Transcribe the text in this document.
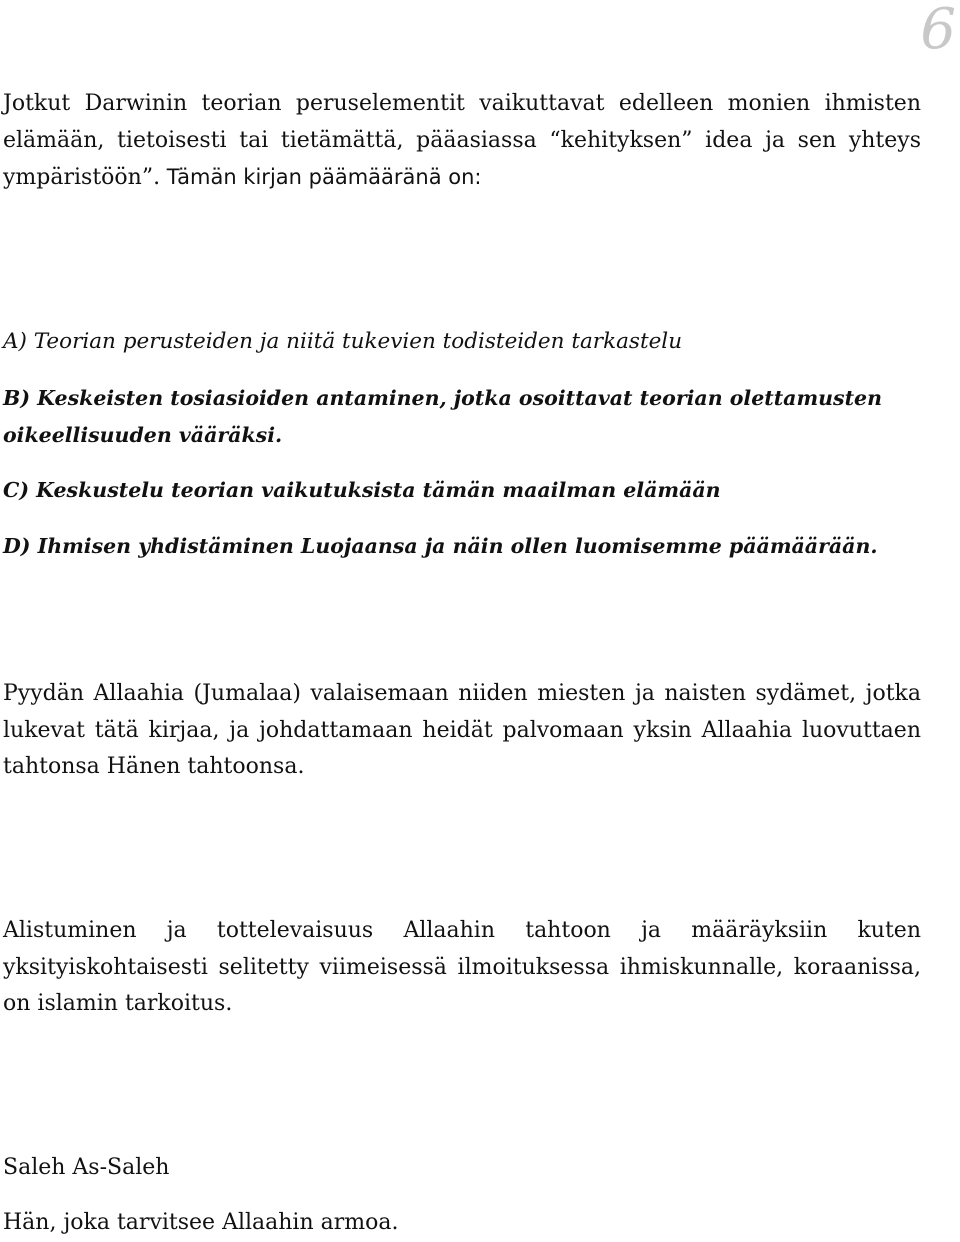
6

Jotkut Darwinin teorian peruselementit vaikuttavat edelleen monien ihmisten elämään, tietoisesti tai tietämättä, pääasiassa “kehityksen” idea ja sen yhteys ympäristöön”. Tämän kirjan päämääränä on:

A) Teorian perusteiden ja niitä tukevien todisteiden tarkastelu

B) Keskeisten tosiasioiden antaminen, jotka osoittavat teorian olettamusten oikeellisuuden vääräksi.

C) Keskustelu teorian vaikutuksista tämän maailman elämään

D) Ihmisen yhdistäminen Luojaansa ja näin ollen luomisemme päämäärään.

Pyydän Allaahia (Jumalaa) valaisemaan niiden miesten ja naisten sydämet, jotka lukevat tätä kirjaa, ja johdattamaan heidät palvomaan yksin Allaahia luovuttaen tahtonsa Hänen tahtoonsa.

Alistuminen ja tottelevaisuus Allaahin tahtoon ja määräyksiin kuten yksityiskohtaisesti selitetty viimeisessä ilmoituksessa ihmiskunnalle, koraanissa, on islamin tarkoitus.

Saleh As-Saleh

Hän, joka tarvitsee Allaahin armoa.
